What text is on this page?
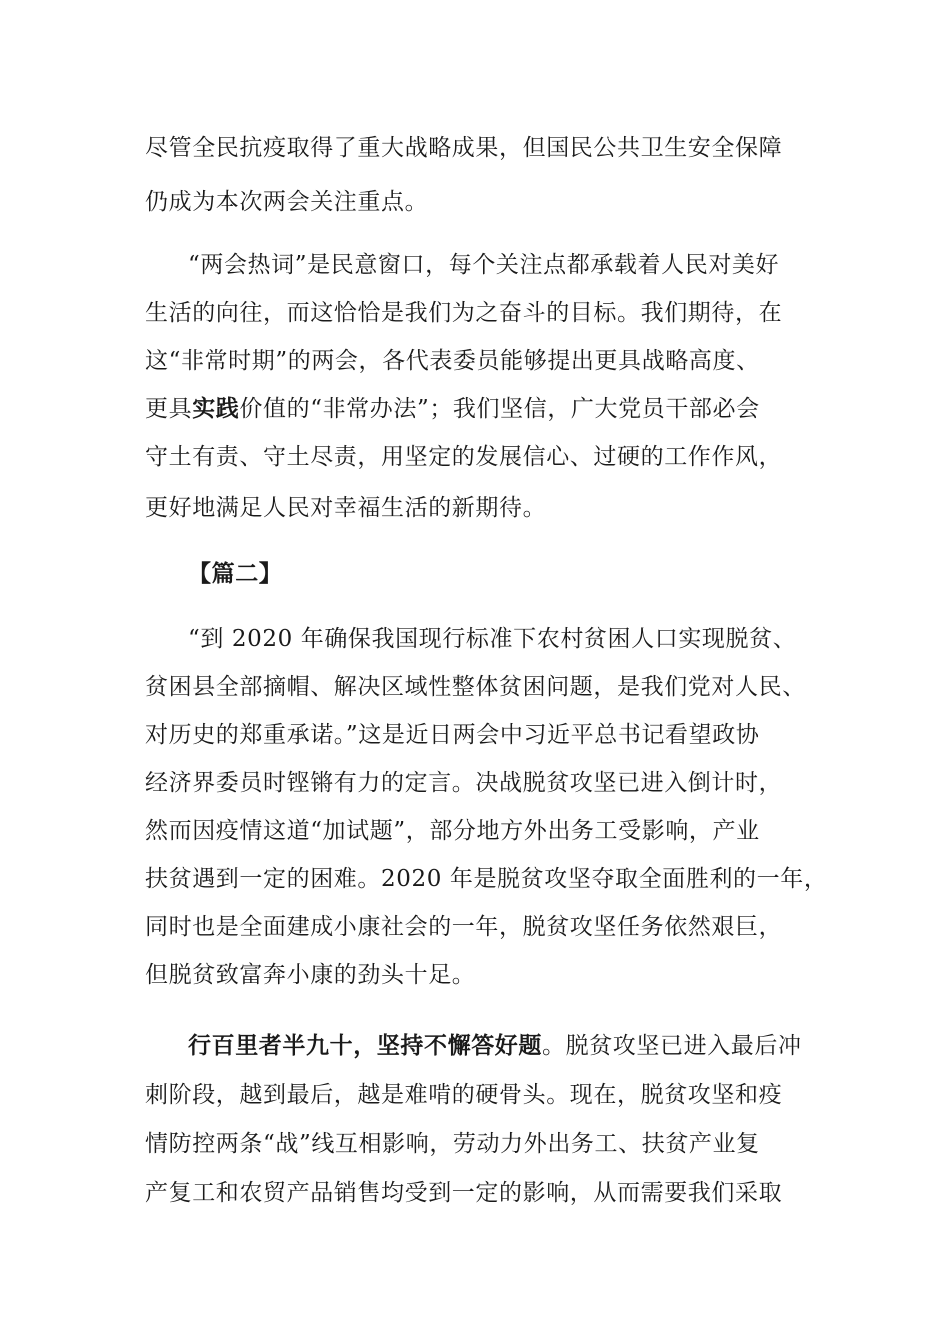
尽管全民抗疫取得了重大战略成果，但国民公共卫生安全保障
仍成为本次两会关注重点。
“两会热词”是民意窗口，每个关注点都承载着人民对美好
生活的向往，而这恰恰是我们为之奋斗的目标。我们期待，在
这“非常时期”的两会，各代表委员能够提出更具战略高度、
更具实践价值的“非常办法”；我们坚信，广大党员干部必会
守土有责、守土尽责，用坚定的发展信心、过硬的工作作风，
更好地满足人民对幸福生活的新期待。
【篇二】
“到 2020 年确保我国现行标准下农村贫困人口实现脱贫、
贫困县全部摘帽、解决区域性整体贫困问题，是我们党对人民、
对历史的郑重承诺。”这是近日两会中习近平总书记看望政协
经济界委员时铿锵有力的定言。决战脱贫攻坚已进入倒计时，
然而因疫情这道“加试题”，部分地方外出务工受影响，产业
扶贫遇到一定的困难。2020 年是脱贫攻坚夺取全面胜利的一年，
同时也是全面建成小康社会的一年，脱贫攻坚任务依然艰巨，
但脱贫致富奔小康的劲头十足。
行百里者半九十，坚持不懈答好题。脱贫攻坚已进入最后冲
刺阶段，越到最后，越是难啃的硬骨头。现在，脱贫攻坚和疫
情防控两条“战”线互相影响，劳动力外出务工、扶贫产业复
产复工和农贸产品销售均受到一定的影响，从而需要我们采取
